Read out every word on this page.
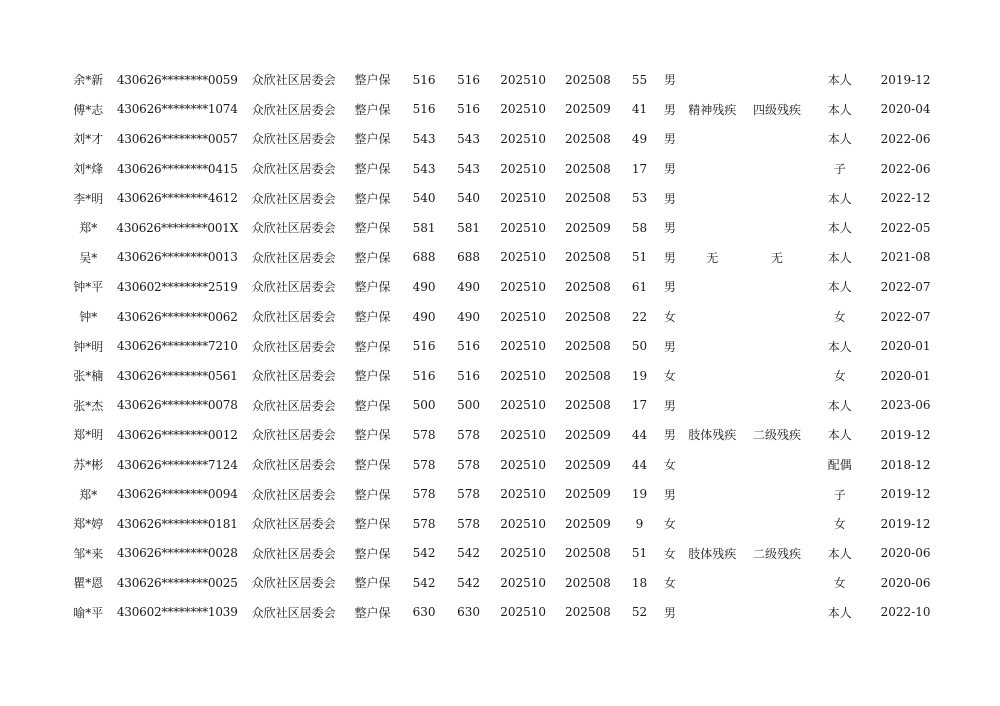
余*新	430626********0059	众欣社区居委会	整户保	516	516	202510	202508	55	男			本人	2019-12
傅*志	430626********1074	众欣社区居委会	整户保	516	516	202510	202509	41	男	精神残疾	四级残疾	本人	2020-04
刘*才	430626********0057	众欣社区居委会	整户保	543	543	202510	202508	49	男			本人	2022-06
刘*烽	430626********0415	众欣社区居委会	整户保	543	543	202510	202508	17	男			子	2022-06
李*明	430626********4612	众欣社区居委会	整户保	540	540	202510	202508	53	男			本人	2022-12
郑*	430626********001X	众欣社区居委会	整户保	581	581	202510	202509	58	男			本人	2022-05
吴*	430626********0013	众欣社区居委会	整户保	688	688	202510	202508	51	男	无	无	本人	2021-08
钟*平	430602********2519	众欣社区居委会	整户保	490	490	202510	202508	61	男			本人	2022-07
钟*	430626********0062	众欣社区居委会	整户保	490	490	202510	202508	22	女			女	2022-07
钟*明	430626********7210	众欣社区居委会	整户保	516	516	202510	202508	50	男			本人	2020-01
张*楠	430626********0561	众欣社区居委会	整户保	516	516	202510	202508	19	女			女	2020-01
张*杰	430626********0078	众欣社区居委会	整户保	500	500	202510	202508	17	男			本人	2023-06
郑*明	430626********0012	众欣社区居委会	整户保	578	578	202510	202509	44	男	肢体残疾	二级残疾	本人	2019-12
苏*彬	430626********7124	众欣社区居委会	整户保	578	578	202510	202509	44	女			配偶	2018-12
郑*	430626********0094	众欣社区居委会	整户保	578	578	202510	202509	19	男			子	2019-12
郑*婷	430626********0181	众欣社区居委会	整户保	578	578	202510	202509	9	女			女	2019-12
邹*来	430626********0028	众欣社区居委会	整户保	542	542	202510	202508	51	女	肢体残疾	二级残疾	本人	2020-06
瞿*恩	430626********0025	众欣社区居委会	整户保	542	542	202510	202508	18	女			女	2020-06
喻*平	430602********1039	众欣社区居委会	整户保	630	630	202510	202508	52	男			本人	2022-10
